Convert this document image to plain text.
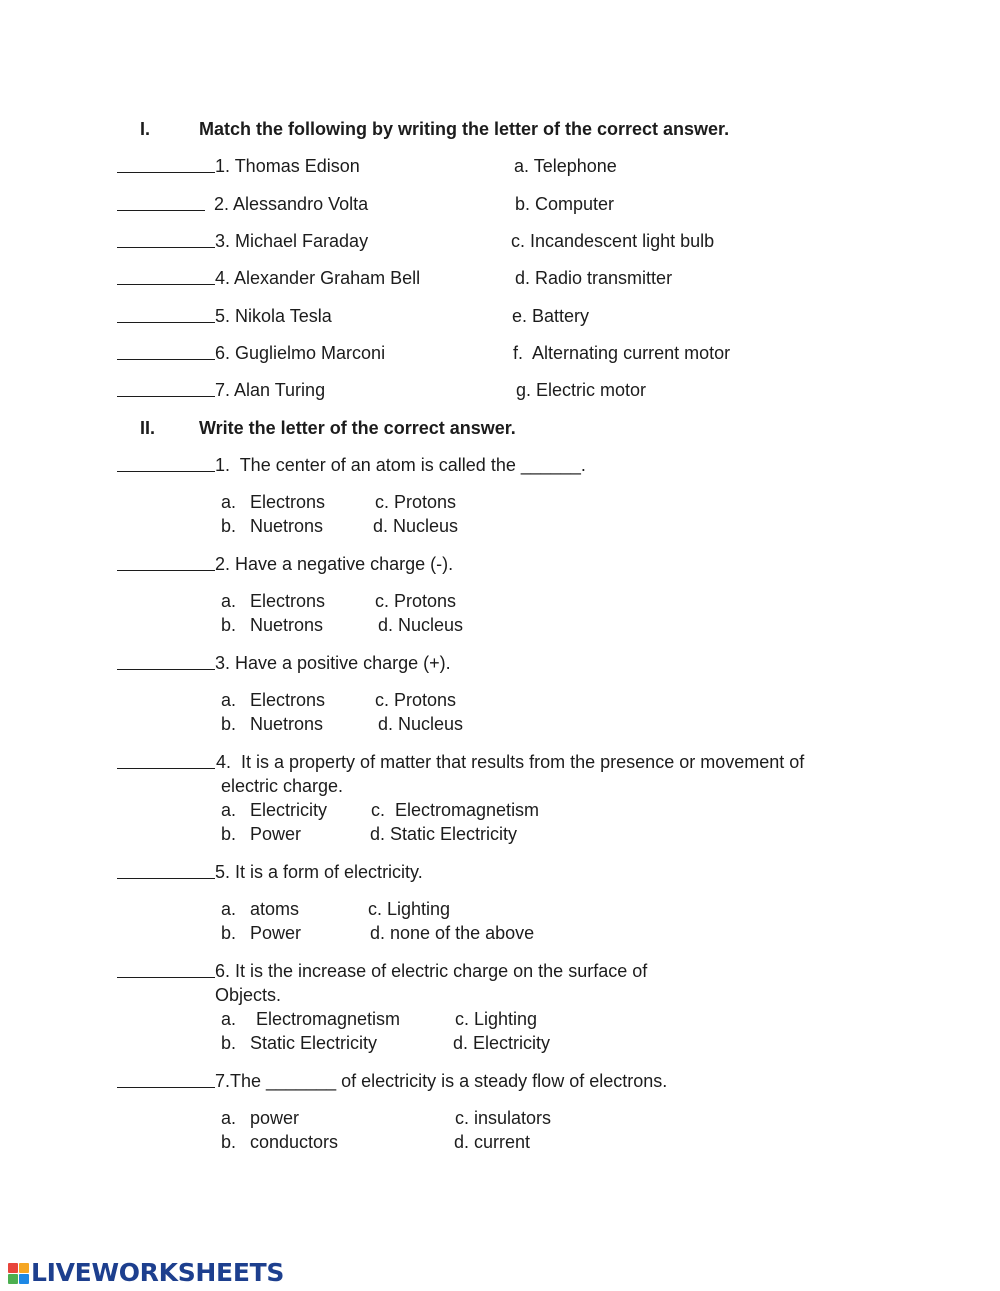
I.	Match the following by writing the letter of the correct answer.
1. Thomas Edison	a. Telephone
2. Alessandro Volta	b. Computer
3. Michael Faraday	c. Incandescent light bulb
4. Alexander Graham Bell	d. Radio transmitter
5. Nikola Tesla	e. Battery
6. Guglielmo Marconi	f.  Alternating current motor
7. Alan Turing	g. Electric motor
II. Write the letter of the correct answer.
1.  The center of an atom is called the ______.
a. Electrons	c. Protons
b. Nuetrons	d. Nucleus
2. Have a negative charge (-).
a. Electrons	c. Protons
b. Nuetrons	d. Nucleus
3. Have a positive charge (+).
a. Electrons	c. Protons
b. Nuetrons	d. Nucleus
4.  It is a property of matter that results from the presence or movement of
electric charge.
a. Electricity c.  Electromagnetism
b. Power	d. Static Electricity
5. It is a form of electricity.
a. atoms	c. Lighting
b. Power	d. none of the above
6. It is the increase of electric charge on the surface of
Objects.
a. Electromagnetism	c. Lighting
b. Static Electricity	d. Electricity
7.The _______ of electricity is a steady flow of electrons.
a. power	c. insulators
b. conductors	d. current
LIVEWORKSHEETS
